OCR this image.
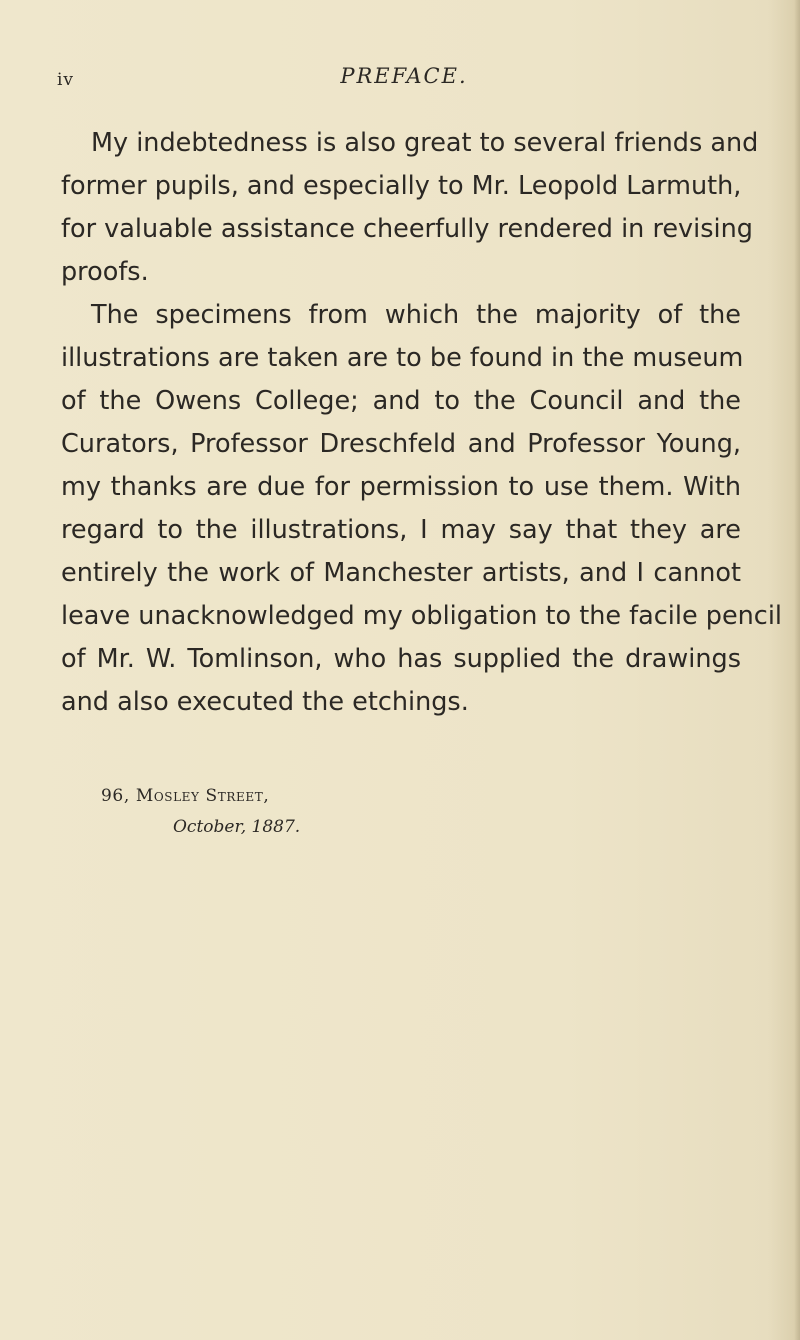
iv	PREFACE.
My indebtedness is also great to several friends and
former pupils, and especially to Mr. Leopold Larmuth,
for valuable assistance cheerfully rendered in revising
proofs.
The specimens from which the majority of the
illustrations are taken are to be found in the museum
of the Owens College; and to the Council and the
Curators, Professor Dreschfeld and Professor Young,
my thanks are due for permission to use them. With
regard to the illustrations, I may say that they are
entirely the work of Manchester artists, and I cannot
leave unacknowledged my obligation to the facile pencil
of Mr. W. Tomlinson, who has supplied the drawings
and also executed the etchings.
96, Mosley Street,
October, 1887.
